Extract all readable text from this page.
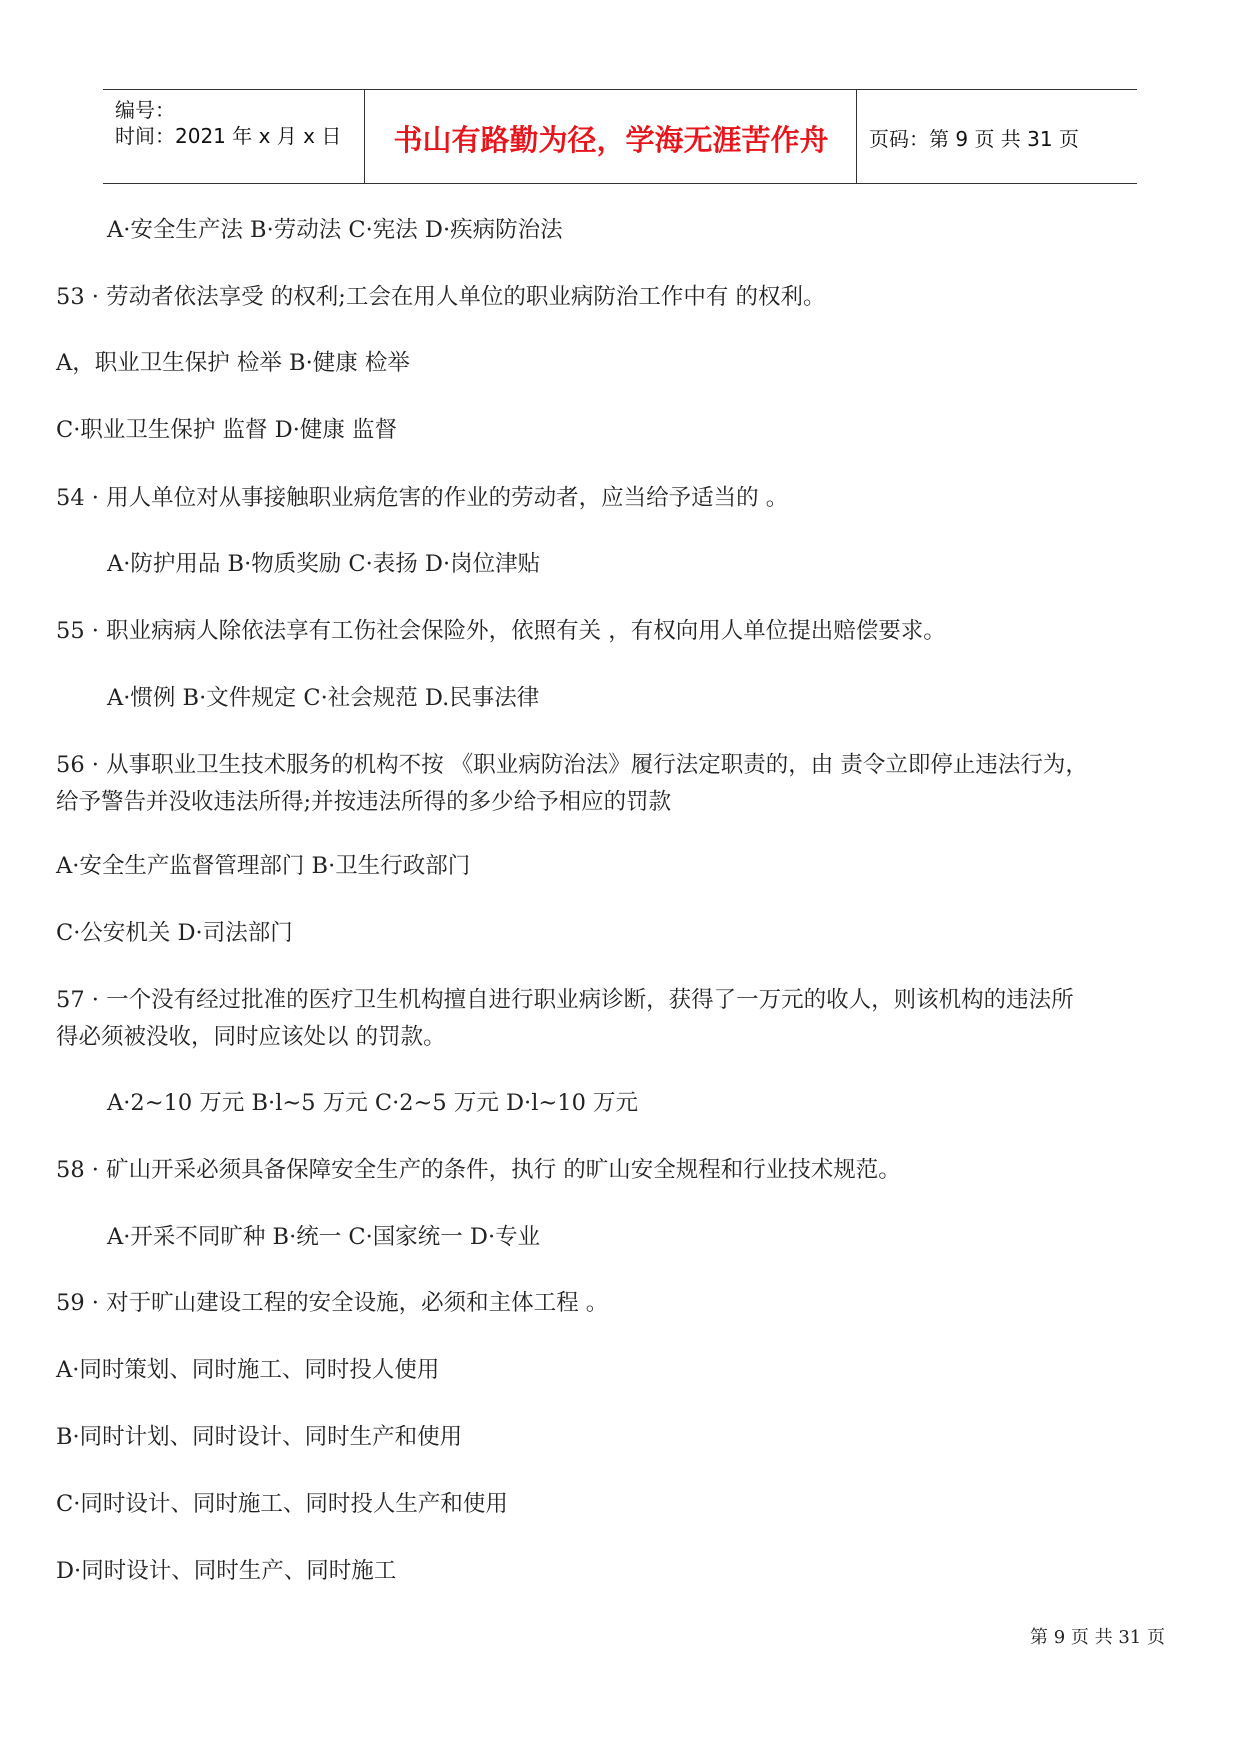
编号：
时间：2021 年 x 月 x 日	书山有路勤为径，学海无涯苦作舟	页码：第 9 页 共 31 页
A·安全生产法 B·劳动法 C·宪法 D·疾病防治法
53 · 劳动者依法享受 的权利;工会在用人单位的职业病防治工作中有 的权利。
A，职业卫生保护 检举 B·健康 检举
C·职业卫生保护 监督 D·健康 监督
54 · 用人单位对从事接触职业病危害的作业的劳动者，应当给予适当的 。
A·防护用品 B·物质奖励 C·表扬 D·岗位津贴
55 · 职业病病人除依法享有工伤社会保险外，依照有关 ，有权向用人单位提出赔偿要求。
A·惯例 B·文件规定 C·社会规范 D.民事法律
56 · 从事职业卫生技术服务的机构不按 《职业病防治法》履行法定职责的，由 责令立即停止违法行为，
给予警告并没收违法所得;并按违法所得的多少给予相应的罚款
A·安全生产监督管理部门 B·卫生行政部门
C·公安机关 D·司法部门
57 · 一个没有经过批准的医疗卫生机构擅自进行职业病诊断，获得了一万元的收人，则该机构的违法所
得必须被没收，同时应该处以 的罚款。
A·2~10 万元 B·l~5 万元 C·2~5 万元 D·l~10 万元
58 · 矿山开采必须具备保障安全生产的条件，执行 的旷山安全规程和行业技术规范。
A·开采不同旷种 B·统一 C·国家统一 D·专业
59 · 对于旷山建设工程的安全设施，必须和主体工程 。
A·同时策划、同时施工、同时投人使用
B·同时计划、同时设计、同时生产和使用
C·同时设计、同时施工、同时投人生产和使用
D·同时设计、同时生产、同时施工
第 9 页 共 31 页
